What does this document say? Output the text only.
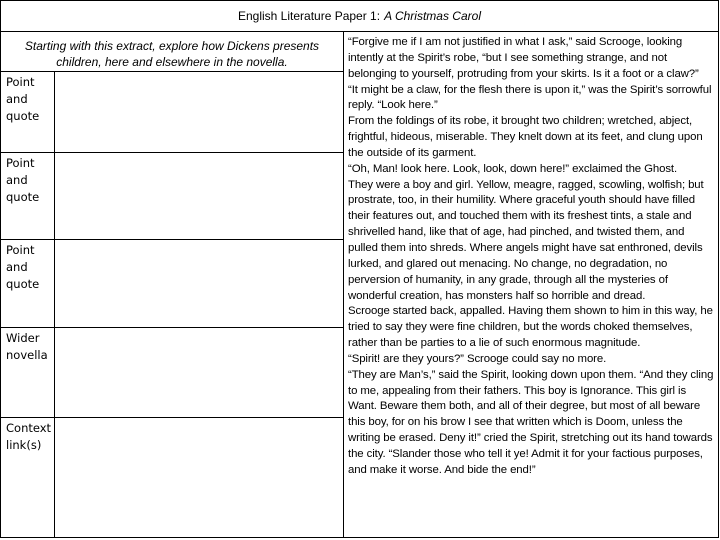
English Literature Paper 1: A Christmas Carol
Starting with this extract, explore how Dickens presents children, here and elsewhere in the novella.
Point
and
quote
Point
and
quote
Point
and
quote
Wider
novella
Context
link(s)

“Forgive me if I am not justified in what I ask,” said Scrooge, looking intently at the Spirit’s robe, “but I see something strange, and not belonging to yourself, protruding from your skirts. Is it a foot or a claw?”

“It might be a claw, for the flesh there is upon it,” was the Spirit’s sorrowful reply. “Look here.”

From the foldings of its robe, it brought two children; wretched, abject, frightful, hideous, miserable. They knelt down at its feet, and clung upon the outside of its garment.

“Oh, Man! look here. Look, look, down here!” exclaimed the Ghost.

They were a boy and girl. Yellow, meagre, ragged, scowling, wolfish; but prostrate, too, in their humility. Where graceful youth should have filled their features out, and touched them with its freshest tints, a stale and shrivelled hand, like that of age, had pinched, and twisted them, and pulled them into shreds. Where angels might have sat enthroned, devils lurked, and glared out menacing. No change, no degradation, no perversion of humanity, in any grade, through all the mysteries of wonderful creation, has monsters half so horrible and dread.

Scrooge started back, appalled. Having them shown to him in this way, he tried to say they were fine children, but the words choked themselves, rather than be parties to a lie of such enormous magnitude.

“Spirit! are they yours?” Scrooge could say no more.

“They are Man’s,” said the Spirit, looking down upon them. “And they cling to me, appealing from their fathers. This boy is Ignorance. This girl is Want. Beware them both, and all of their degree, but most of all beware this boy, for on his brow I see that written which is Doom, unless the writing be erased. Deny it!” cried the Spirit, stretching out its hand towards the city. “Slander those who tell it ye! Admit it for your factious purposes, and make it worse. And bide the end!”
